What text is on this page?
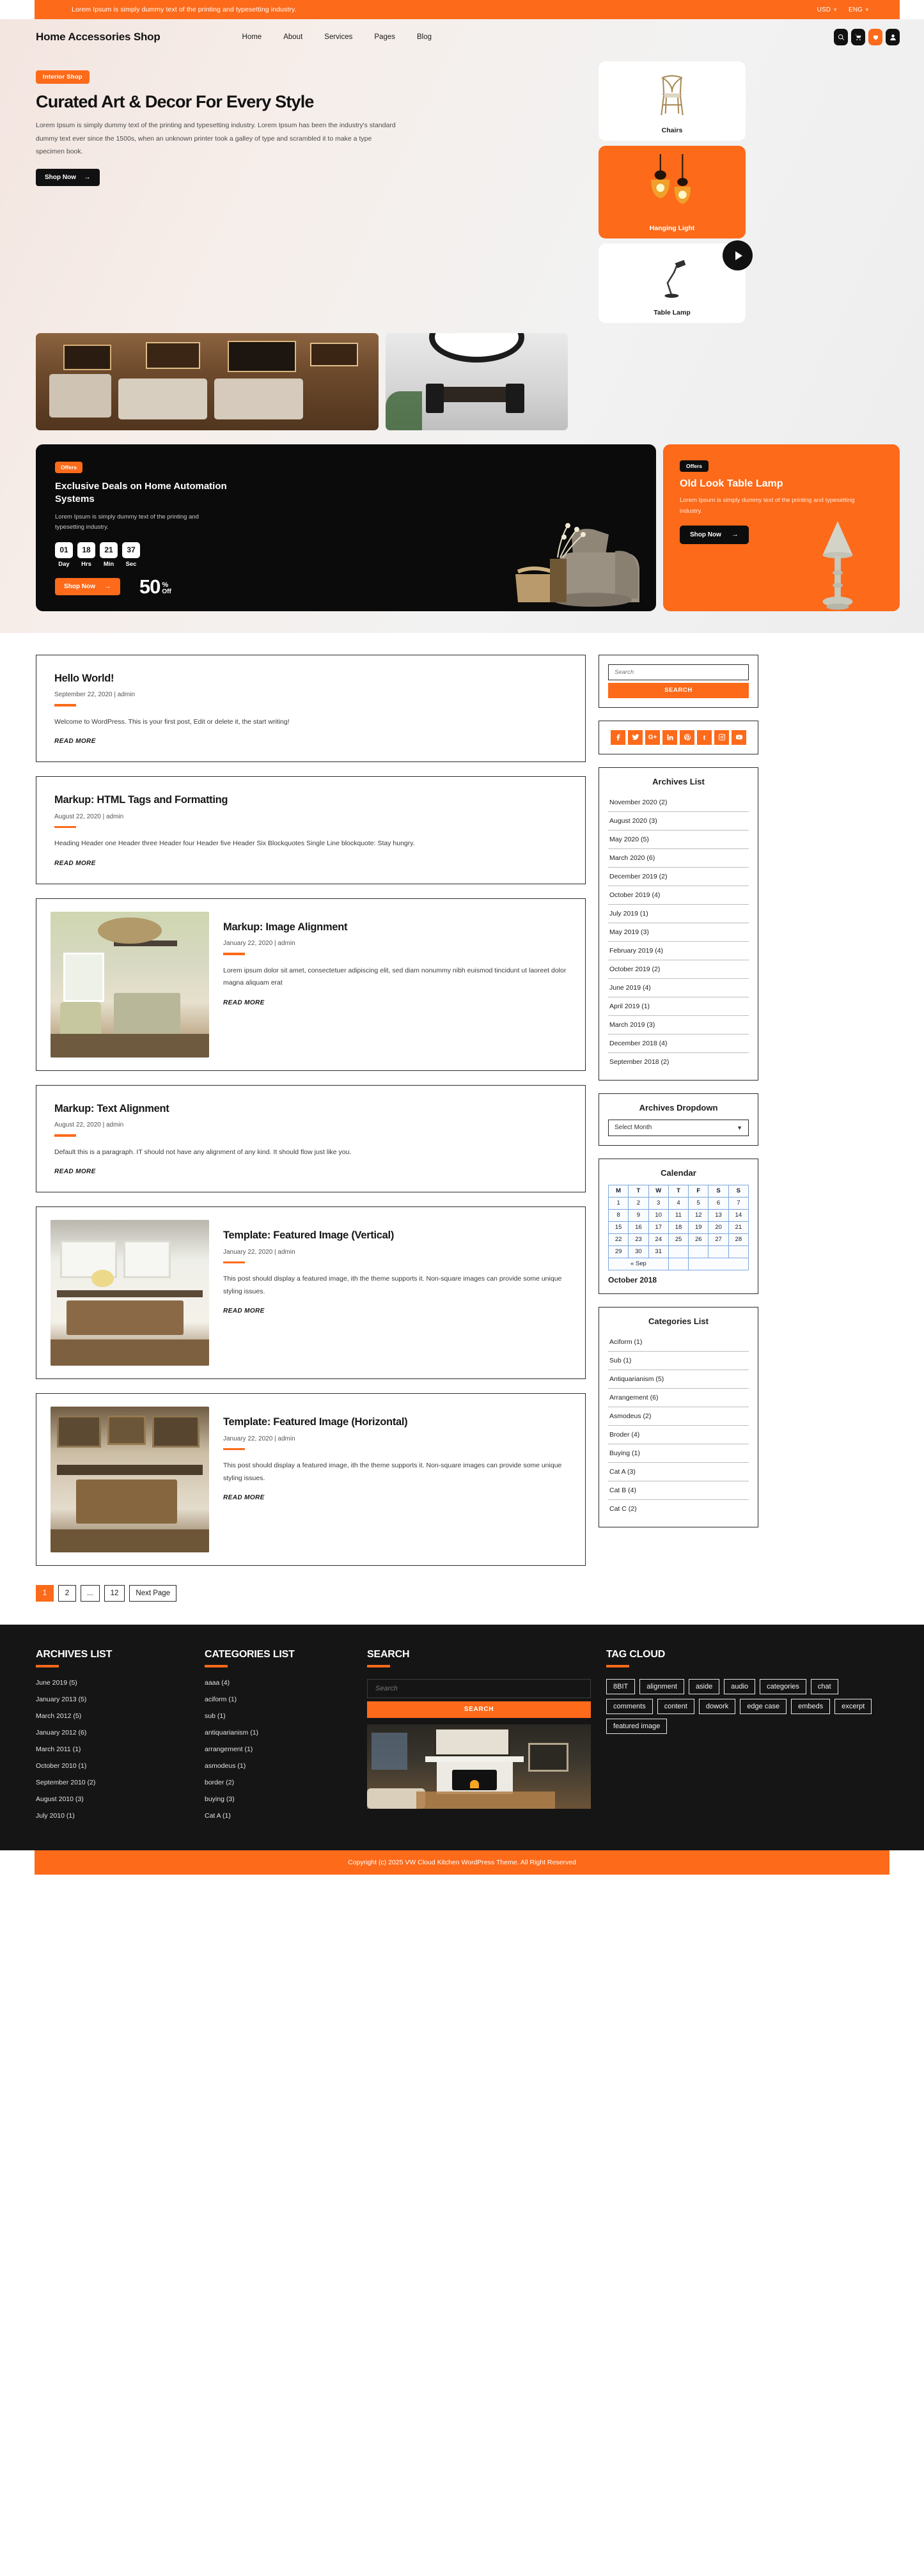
Lorem Ipsum is simply dummy text of the printing and typesetting industry.	USD ∨ ENG ∨
Home Accessories Shop	Home	About	Services	Pages	Blog
Interior Shop
Curated Art & Decor For Every Style

Lorem Ipsum is simply dummy text of the printing and typesetting industry. Lorem Ipsum has been the industry's standard dummy text ever since the 1500s, when an unknown printer took a galley of type and scrambled it to make a type specimen book.

Shop Now →
Chairs
Hanging Light
Table Lamp
Offers
Exclusive Deals on Home Automation Systems
Lorem Ipsum is simply dummy text of the printing and typesetting industry.
01
Day
18
Hrs
21
Min
37
Sec
Shop Now → 50 %
Off
Offers
Old Look Table Lamp

Lorem Ipsum is simply dummy text of the printing and typesetting industry.

Shop Now →
Hello World!
September 22, 2020 | admin

Welcome to WordPress. This is your first post, Edit or delete it, the start writing!

READ MORE
Markup: HTML Tags and Formatting
August 22, 2020 | admin

Heading Header one Header three Header four Header five Header Six Blockquotes Single Line blockquote: Stay hungry.

READ MORE
Markup: Image Alignment
January 22, 2020 | admin

Lorem ipsum dolor sit amet, consectetuer adipiscing elit, sed diam nonummy nibh euismod tincidunt ut laoreet dolor magna aliquam erat

READ MORE
Markup: Text Alignment
August 22, 2020 | admin

Default this is a paragraph. IT should not have any alignment of any kind. It should flow just like you.

READ MORE
Template: Featured Image (Vertical)
January 22, 2020 | admin

This post should display a featured image, ith the theme supports it. Non-square images can provide some unique styling issues.

READ MORE
Template: Featured Image (Horizontal)
January 22, 2020 | admin

This post should display a featured image, ith the theme supports it. Non-square images can provide some unique styling issues.

READ MORE
1	2	...	12	Next Page
Search SEARCH
G+	t
Archives List
November 2020 (2)
August 2020 (3)
May 2020 (5)
March 2020 (6)
December 2019 (2)
October 2019 (4)
July 2019 (1)
May 2019 (3)
February 2019 (4)
October 2019 (2)
June 2019 (4)
April 2019 (1)
March 2019 (3)
December 2018 (4)
September 2018 (2)
Archives Dropdown
Select Month	▼
Calendar
M	T	W	T	F	S	S
1	2	3	4	5	6	7
8	9	10	11	12	13	14
15	16	17	18	19	20	21
22	23	24	25	26	27	28
29	30	31				
« Sep						
October 2018
Categories List
Aciform (1)
Sub (1)
Antiquarianism (5)
Arrangement (6)
Asmodeus (2)
Broder (4)
Buying (1)
Cat A (3)
Cat B (4)
Cat C (2)
ARCHIVES LIST
June 2019 (5)
January 2013 (5)
March 2012 (5)
January 2012 (6)
March 2011 (1)
October 2010 (1)
September 2010 (2)
August 2010 (3)
July 2010 (1)
CATEGORIES LIST
aaaa (4)
aciform (1)
sub (1)
antiquarianism (1)
arrangement (1)
asmodeus (1)
border (2)
buying (3)
Cat A (1)
SEARCH
Search SEARCH
TAG CLOUD
8BIT	alignment	aside	audio	categories	chat
comments	content	dowork	edge case	embeds	excerpt
featured image
Copyright (c) 2025 VW Cloud Kitchen WordPress Theme. All Right Reserved
